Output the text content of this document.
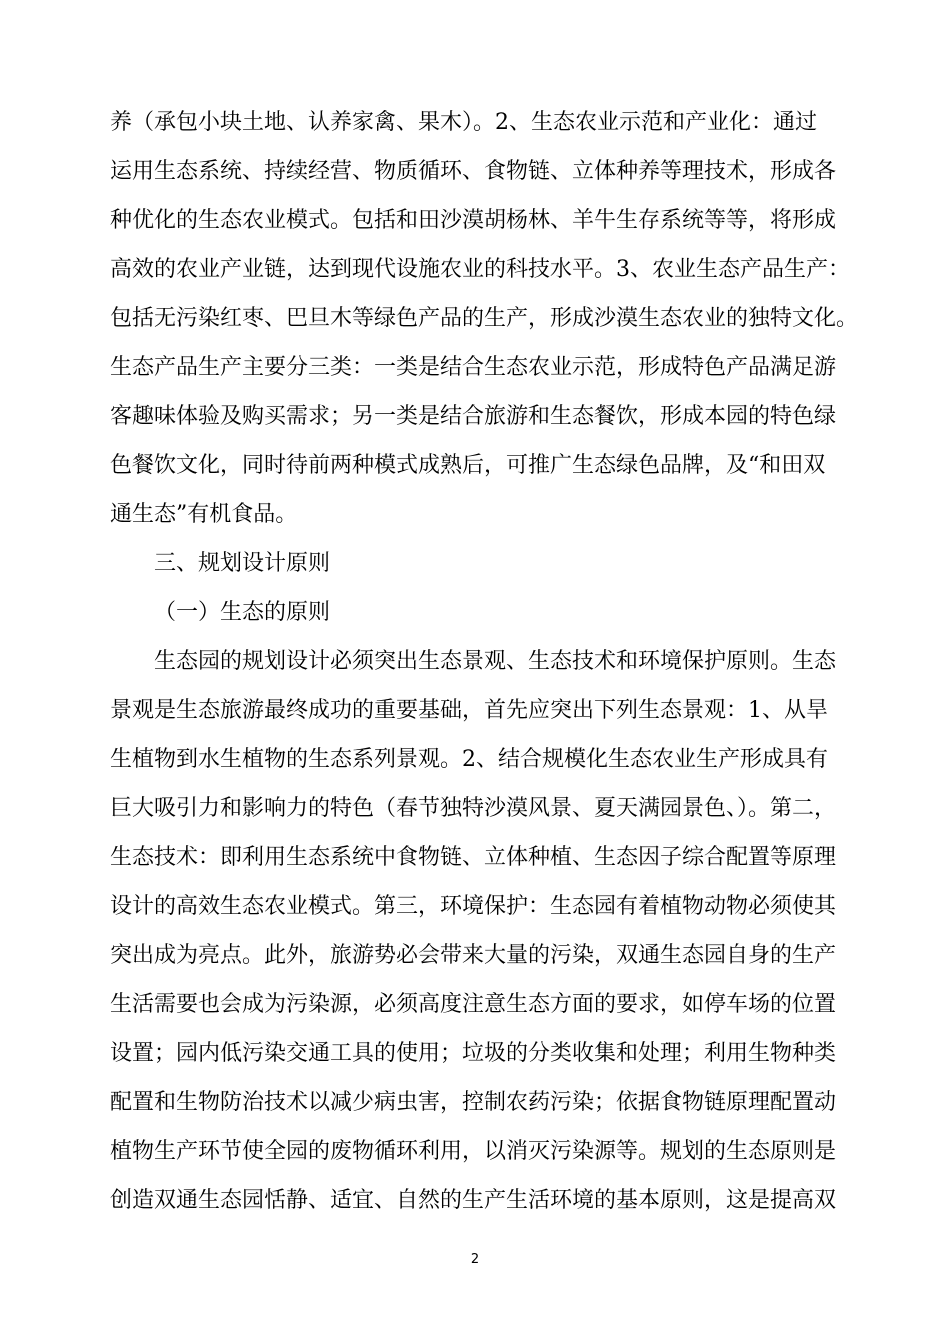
养（承包小块土地、认养家禽、果木）。2、生态农业示范和产业化：通过
运用生态系统、持续经营、物质循环、食物链、立体种养等理技术，形成各
种优化的生态农业模式。包括和田沙漠胡杨林、羊牛生存系统等等，将形成
高效的农业产业链，达到现代设施农业的科技水平。3、农业生态产品生产：
包括无污染红枣、巴旦木等绿色产品的生产，形成沙漠生态农业的独特文化。
生态产品生产主要分三类：一类是结合生态农业示范，形成特色产品满足游
客趣味体验及购买需求；另一类是结合旅游和生态餐饮，形成本园的特色绿
色餐饮文化，同时待前两种模式成熟后，可推广生态绿色品牌，及“和田双
通生态”有机食品。
三、规划设计原则
（一）生态的原则
生态园的规划设计必须突出生态景观、生态技术和环境保护原则。生态
景观是生态旅游最终成功的重要基础，首先应突出下列生态景观：1、从旱
生植物到水生植物的生态系列景观。2、结合规模化生态农业生产形成具有
巨大吸引力和影响力的特色（春节独特沙漠风景、夏天满园景色、）。第二，
生态技术：即利用生态系统中食物链、立体种植、生态因子综合配置等原理
设计的高效生态农业模式。第三，环境保护：生态园有着植物动物必须使其
突出成为亮点。此外，旅游势必会带来大量的污染，双通生态园自身的生产
生活需要也会成为污染源，必须高度注意生态方面的要求，如停车场的位置
设置；园内低污染交通工具的使用；垃圾的分类收集和处理；利用生物种类
配置和生物防治技术以减少病虫害，控制农药污染；依据食物链原理配置动
植物生产环节使全园的废物循环利用，以消灭污染源等。规划的生态原则是
创造双通生态园恬静、适宜、自然的生产生活环境的基本原则，这是提高双
2
